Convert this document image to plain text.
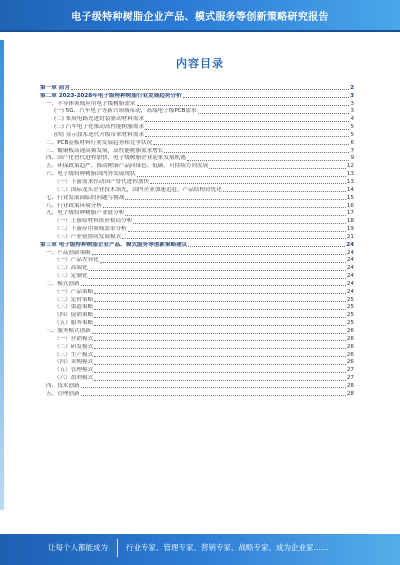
电子级特种树脂企业产品、模式服务等创新策略研究报告
内容目录
第一章 前言	2
第二章 2023-2028年电子级特种树脂行业发展趋势分析	3
一、半导体领域应用电子级树脂需求	3
(一) 5G、汽车电子等新兴领域带动，高端电子级PCB需求	3
(二) 集成电路先进封装驱动材料需求	4
(三) 汽车电子化推动高性能树脂需求	5
(四) 显示技术迭代升级带来材料需求	5
二、PCB基板材料行业发展趋势和竞争状况	6
三、覆铜板高速高频发展，高性能树脂需求增长	7
四、国产化替代进程加快，电子级树脂企业迎来发展机遇	9
五、环保政策趋严，推动树脂产品向绿色、低碳、可持续方向发展	12
六、电子级特种树脂国内外发展现状	13
（一）下游需求拉动国产替代进程加快	13
（二）国际龙头企业技术领先，国内企业加速追赶，产品结构待优化	14
七、行业发展面临的问题与挑战	15
八、行业政策环境分析	16
九、电子级特种树脂产业链分析	17
（一）上游原材料供应格局分析	18
（二）下游应用领域需求分析	19
（三）产业链协同发展模式	21
第三章 电子级特种树脂企业产品、模式服务等创新策略建议	24
一、产品创新策略	24
（一）产品差异化	24
（二）高端化	24
（三）定制化	24
二、模式创新	24
（一）产品策略	24
（二）定价策略	25
（三）渠道策略	25
（四）促销策略	25
（五）服务策略	25
三、服务模式创新	26
（一）营销模式	26
（二）研发模式	26
（三）生产模式	26
（四）采购模式	26
（五）管理模式	27
（六）盈利模式	27
四、技术创新	28
五、管理创新	28
让每个人都能成为 行业专家、管理专家、营销专家、战略专家、成为企业家……
